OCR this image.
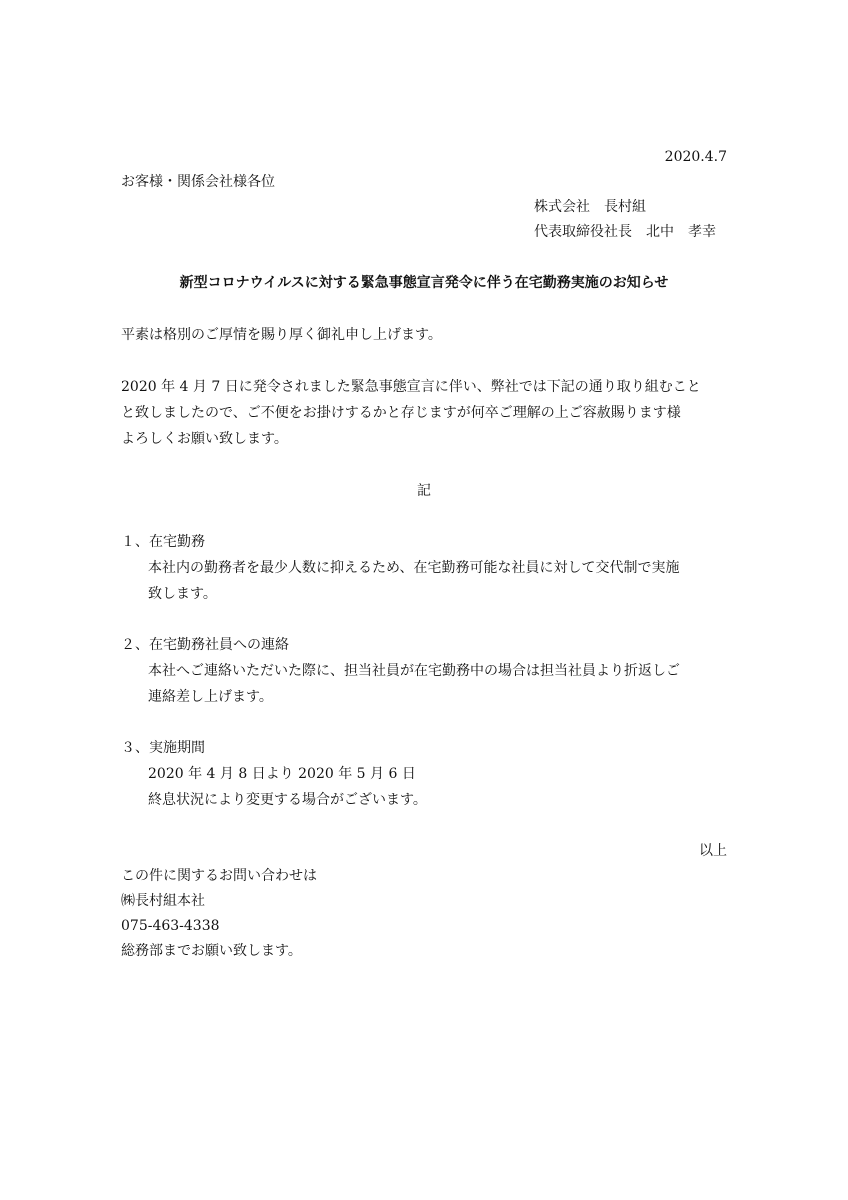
2020.4.7
お客様・関係会社様各位
株式会社　長村組
代表取締役社長　北中　孝幸
新型コロナウイルスに対する緊急事態宣言発令に伴う在宅勤務実施のお知らせ
平素は格別のご厚情を賜り厚く御礼申し上げます。
2020 年 4 月 7 日に発令されました緊急事態宣言に伴い、弊社では下記の通り取り組むこと
と致しましたので、ご不便をお掛けするかと存じますが何卒ご理解の上ご容赦賜ります様
よろしくお願い致します。
記
１、在宅勤務
本社内の勤務者を最少人数に抑えるため、在宅勤務可能な社員に対して交代制で実施
致します。
２、在宅勤務社員への連絡
本社へご連絡いただいた際に、担当社員が在宅勤務中の場合は担当社員より折返しご
連絡差し上げます。
３、実施期間
2020 年 4 月 8 日より 2020 年 5 月 6 日
終息状況により変更する場合がございます。
以上
この件に関するお問い合わせは
㈱長村組本社
075-463-4338
総務部までお願い致します。
